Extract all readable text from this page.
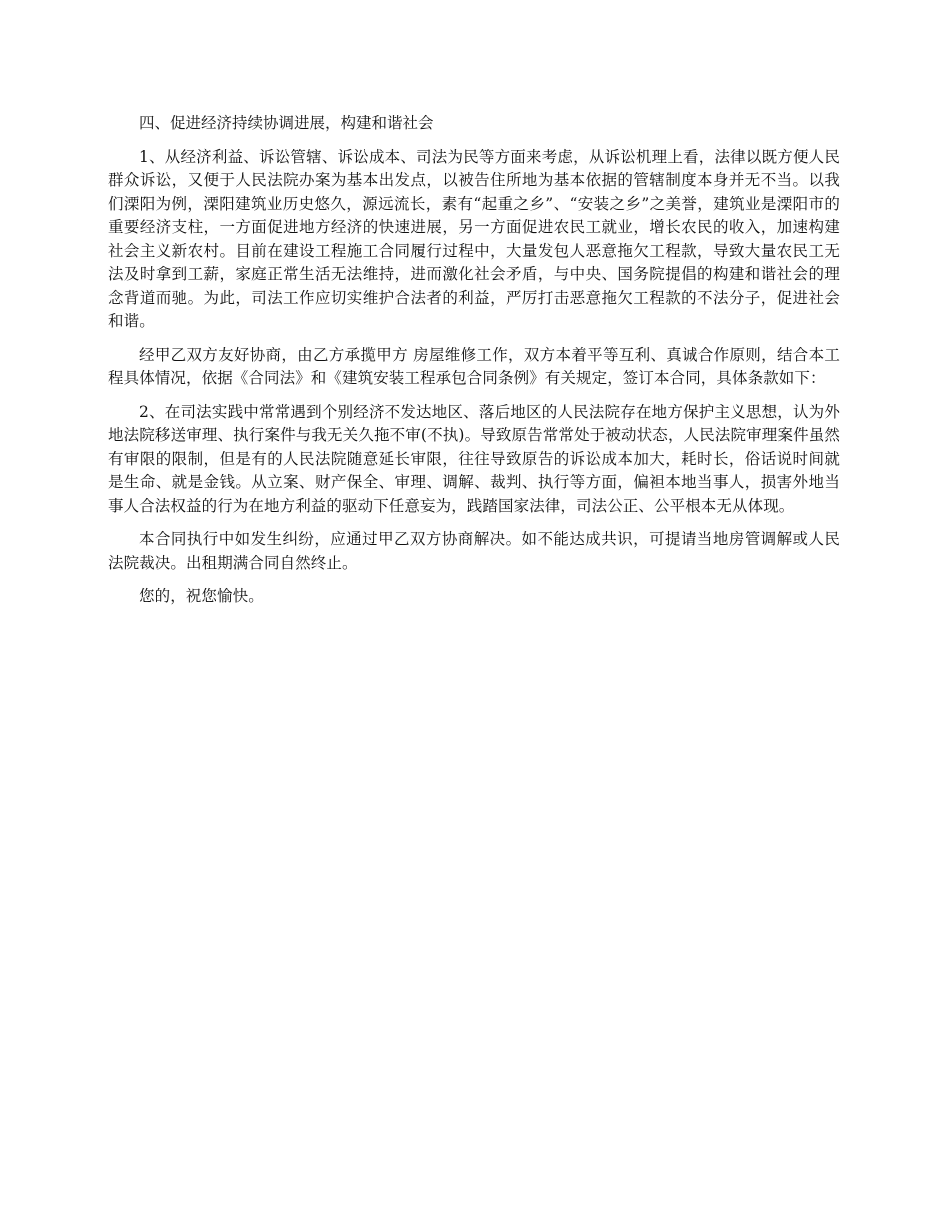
四、促进经济持续协调进展，构建和谐社会

1、从经济利益、诉讼管辖、诉讼成本、司法为民等方面来考虑，从诉讼机理上看，法律以既方便人民群众诉讼，又便于人民法院办案为基本出发点，以被告住所地为基本依据的管辖制度本身并无不当。以我们溧阳为例，溧阳建筑业历史悠久，源远流长，素有“起重之乡”、“安装之乡”之美誉，建筑业是溧阳市的重要经济支柱，一方面促进地方经济的快速进展，另一方面促进农民工就业，增长农民的收入，加速构建社会主义新农村。目前在建设工程施工合同履行过程中，大量发包人恶意拖欠工程款，导致大量农民工无法及时拿到工薪，家庭正常生活无法维持，进而激化社会矛盾，与中央、国务院提倡的构建和谐社会的理念背道而驰。为此，司法工作应切实维护合法者的利益，严厉打击恶意拖欠工程款的不法分子，促进社会和谐。

经甲乙双方友好协商，由乙方承揽甲方 房屋维修工作，双方本着平等互利、真诚合作原则，结合本工程具体情况，依据《合同法》和《建筑安装工程承包合同条例》有关规定，签订本合同，具体条款如下：

2、在司法实践中常常遇到个别经济不发达地区、落后地区的人民法院存在地方保护主义思想，认为外地法院移送审理、执行案件与我无关久拖不审(不执)。导致原告常常处于被动状态，人民法院审理案件虽然有审限的限制，但是有的人民法院随意延长审限，往往导致原告的诉讼成本加大，耗时长，俗话说时间就是生命、就是金钱。从立案、财产保全、审理、调解、裁判、执行等方面，偏袒本地当事人，损害外地当事人合法权益的行为在地方利益的驱动下任意妄为，践踏国家法律，司法公正、公平根本无从体现。

本合同执行中如发生纠纷，应通过甲乙双方协商解决。如不能达成共识，可提请当地房管调解或人民法院裁决。出租期满合同自然终止。

您的，祝您愉快。
